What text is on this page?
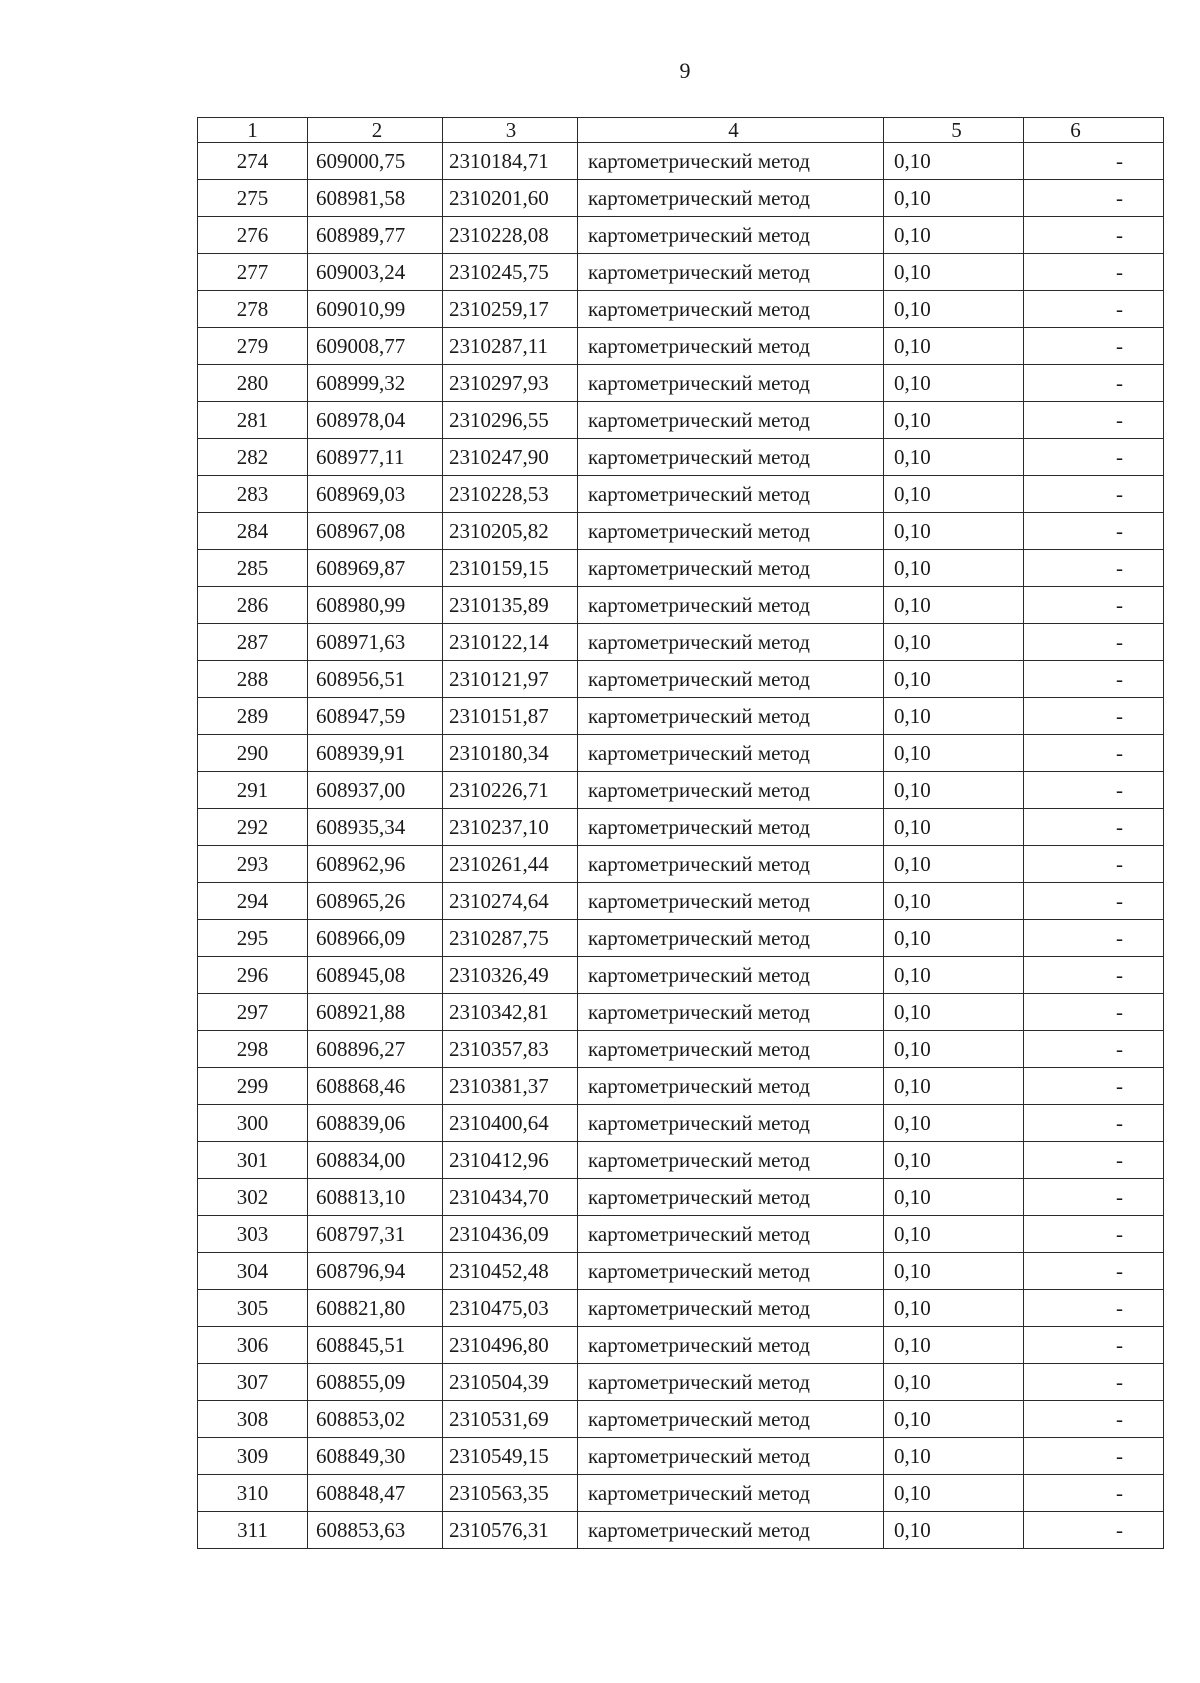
9
1	2	3	4	5	6
274	609000,75	2310184,71	картометрический метод	0,10	-
275	608981,58	2310201,60	картометрический метод	0,10	-
276	608989,77	2310228,08	картометрический метод	0,10	-
277	609003,24	2310245,75	картометрический метод	0,10	-
278	609010,99	2310259,17	картометрический метод	0,10	-
279	609008,77	2310287,11	картометрический метод	0,10	-
280	608999,32	2310297,93	картометрический метод	0,10	-
281	608978,04	2310296,55	картометрический метод	0,10	-
282	608977,11	2310247,90	картометрический метод	0,10	-
283	608969,03	2310228,53	картометрический метод	0,10	-
284	608967,08	2310205,82	картометрический метод	0,10	-
285	608969,87	2310159,15	картометрический метод	0,10	-
286	608980,99	2310135,89	картометрический метод	0,10	-
287	608971,63	2310122,14	картометрический метод	0,10	-
288	608956,51	2310121,97	картометрический метод	0,10	-
289	608947,59	2310151,87	картометрический метод	0,10	-
290	608939,91	2310180,34	картометрический метод	0,10	-
291	608937,00	2310226,71	картометрический метод	0,10	-
292	608935,34	2310237,10	картометрический метод	0,10	-
293	608962,96	2310261,44	картометрический метод	0,10	-
294	608965,26	2310274,64	картометрический метод	0,10	-
295	608966,09	2310287,75	картометрический метод	0,10	-
296	608945,08	2310326,49	картометрический метод	0,10	-
297	608921,88	2310342,81	картометрический метод	0,10	-
298	608896,27	2310357,83	картометрический метод	0,10	-
299	608868,46	2310381,37	картометрический метод	0,10	-
300	608839,06	2310400,64	картометрический метод	0,10	-
301	608834,00	2310412,96	картометрический метод	0,10	-
302	608813,10	2310434,70	картометрический метод	0,10	-
303	608797,31	2310436,09	картометрический метод	0,10	-
304	608796,94	2310452,48	картометрический метод	0,10	-
305	608821,80	2310475,03	картометрический метод	0,10	-
306	608845,51	2310496,80	картометрический метод	0,10	-
307	608855,09	2310504,39	картометрический метод	0,10	-
308	608853,02	2310531,69	картометрический метод	0,10	-
309	608849,30	2310549,15	картометрический метод	0,10	-
310	608848,47	2310563,35	картометрический метод	0,10	-
311	608853,63	2310576,31	картометрический метод	0,10	-
